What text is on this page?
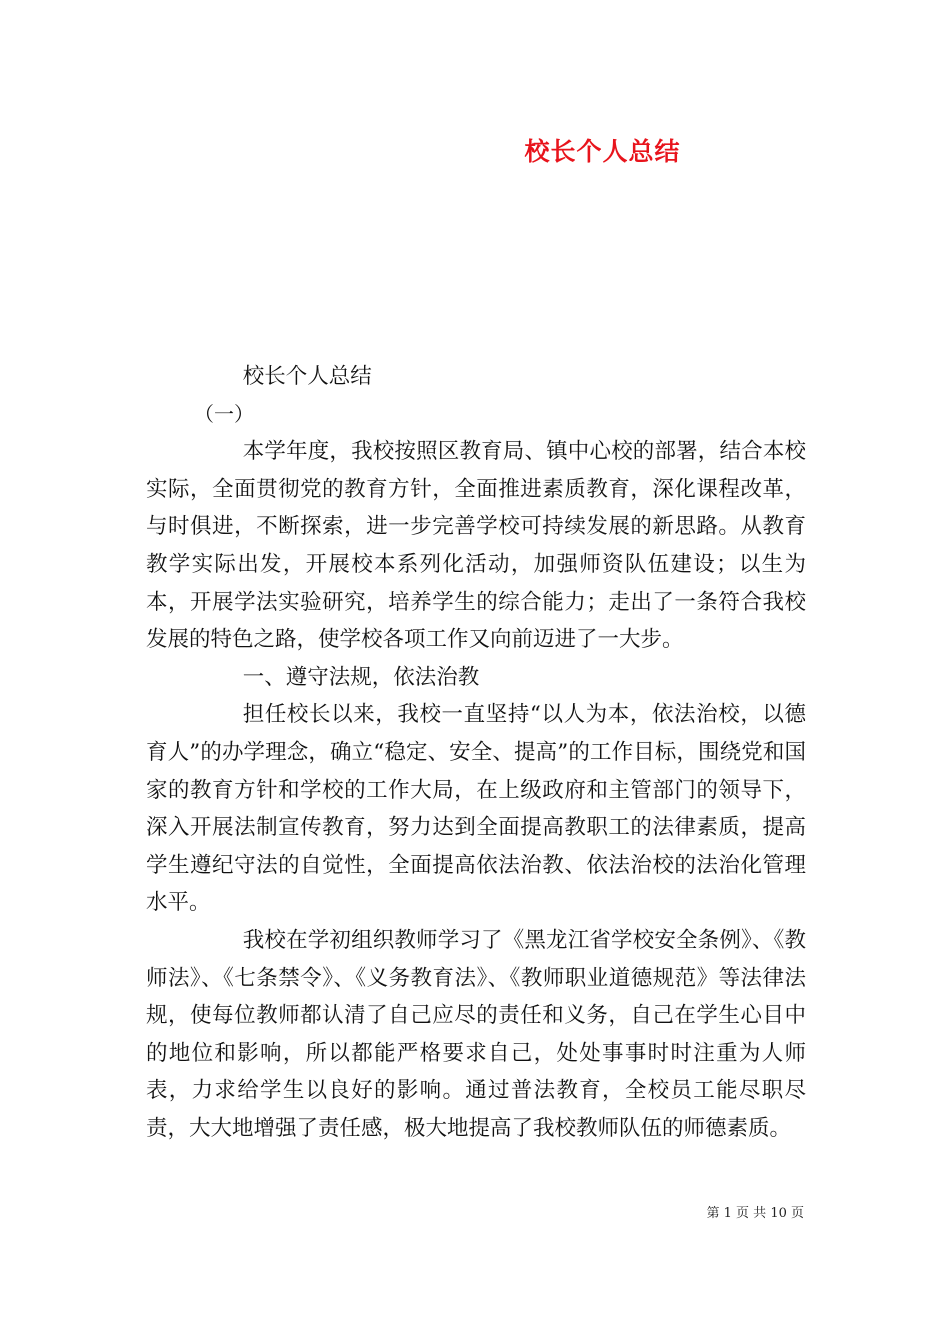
校长个人总结

校长个人总结

（一）

本学年度，我校按照区教育局、镇中心校的部署，结合本校实际，全面贯彻党的教育方针，全面推进素质教育，深化课程改革，与时俱进，不断探索，进一步完善学校可持续发展的新思路。从教育教学实际出发，开展校本系列化活动，加强师资队伍建设；以生为本，开展学法实验研究，培养学生的综合能力；走出了一条符合我校发展的特色之路，使学校各项工作又向前迈进了一大步。

一、遵守法规，依法治教

担任校长以来，我校一直坚持“以人为本，依法治校，以德育人”的办学理念，确立“稳定、安全、提高”的工作目标，围绕党和国家的教育方针和学校的工作大局，在上级政府和主管部门的领导下，深入开展法制宣传教育，努力达到全面提高教职工的法律素质，提高学生遵纪守法的自觉性，全面提高依法治教、依法治校的法治化管理水平。

我校在学初组织教师学习了《黑龙江省学校安全条例》、《教师法》、《七条禁令》、《义务教育法》、《教师职业道德规范》等法律法规，使每位教师都认清了自己应尽的责任和义务，自己在学生心目中的地位和影响，所以都能严格要求自己，处处事事时时注重为人师表，力求给学生以良好的影响。通过普法教育，全校员工能尽职尽责，大大地增强了责任感，极大地提高了我校教师队伍的师德素质。

第 1 页 共 10 页
